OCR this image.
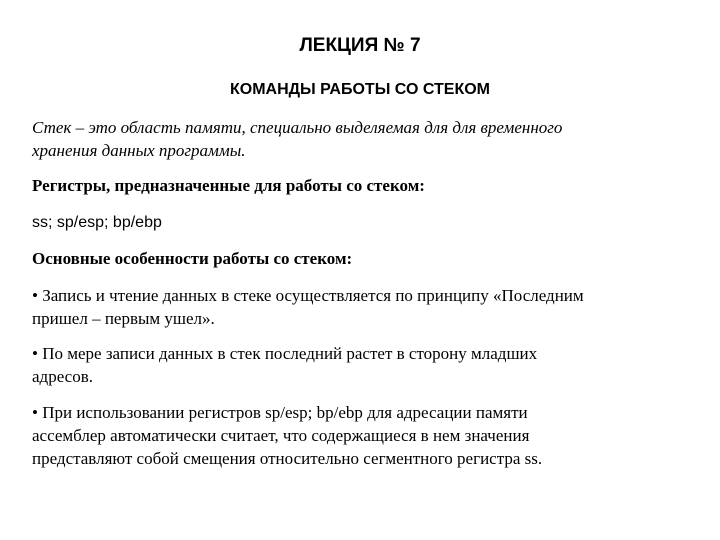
ЛЕКЦИЯ № 7
КОМАНДЫ РАБОТЫ СО СТЕКОМ
Стек – это область памяти, специально выделяемая для для временного
хранения данных программы.
Регистры, предназначенные для работы со стеком:
ss; sp/esp; bp/ebp
Основные особенности работы со стеком:
• Запись и чтение данных в стеке осуществляется по принципу «Последним
пришел – первым ушел».
• По мере записи данных в стек последний растет в сторону младших
адресов.
• При использовании регистров sp/esp; bp/ebp для адресации памяти
ассемблер автоматически считает, что содержащиеся в нем значения
представляют собой смещения относительно сегментного регистра ss.
